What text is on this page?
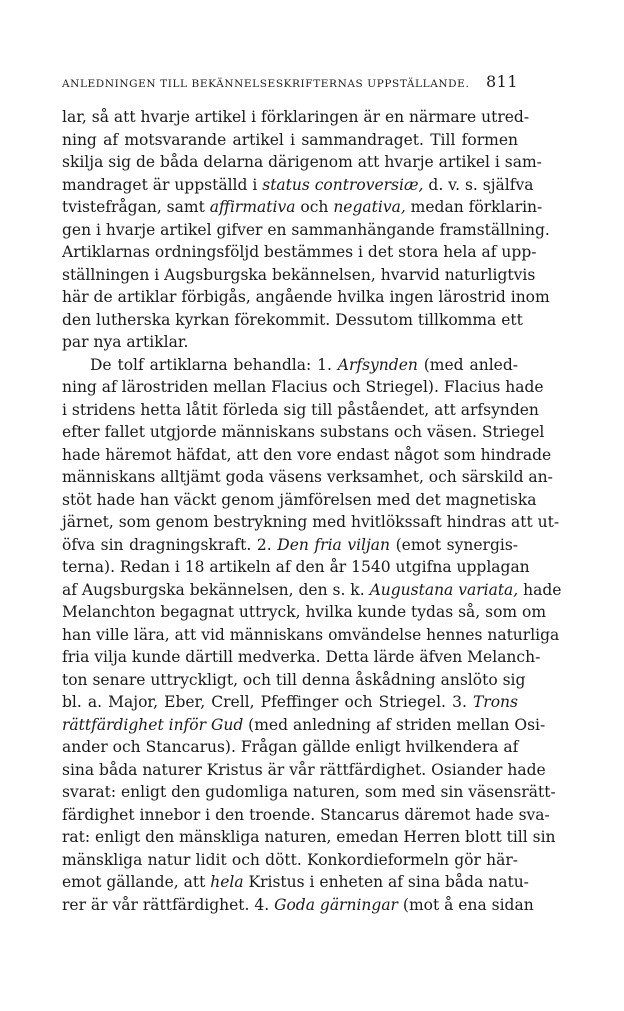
ANLEDNINGEN TILL BEKÄNNELSESKRIFTERNAS UPPSTÄLLANDE. 811
lar, så att hvarje artikel i förklaringen är en närmare utred-
ning af motsvarande artikel i sammandraget. Till formen
skilja sig de båda delarna därigenom att hvarje artikel i sam-
mandraget är uppställd i status controversiæ, d. v. s. själfva
tvistefrågan, samt affirmativa och negativa, medan förklarin-
gen i hvarje artikel gifver en sammanhängande framställning.
Artiklarnas ordningsföljd bestämmes i det stora hela af upp-
ställningen i Augsburgska bekännelsen, hvarvid naturligtvis
här de artiklar förbigås, angående hvilka ingen lärostrid inom
den lutherska kyrkan förekommit. Dessutom tillkomma ett
par nya artiklar.
De tolf artiklarna behandla: 1. Arfsynden (med anled-
ning af lärostriden mellan Flacius och Striegel). Flacius hade
i stridens hetta låtit förleda sig till påståendet, att arfsynden
efter fallet utgjorde människans substans och väsen. Striegel
hade häremot häfdat, att den vore endast något som hindrade
människans alltjämt goda väsens verksamhet, och särskild an-
stöt hade han väckt genom jämförelsen med det magnetiska
järnet, som genom bestrykning med hvitlökssaft hindras att ut-
öfva sin dragningskraft. 2. Den fria viljan (emot synergis-
terna). Redan i 18 artikeln af den år 1540 utgifna upplagan
af Augsburgska bekännelsen, den s. k. Augustana variata, hade
Melanchton begagnat uttryck, hvilka kunde tydas så, som om
han ville lära, att vid människans omvändelse hennes naturliga
fria vilja kunde därtill medverka. Detta lärde äfven Melanch-
ton senare uttryckligt, och till denna åskådning anslöto sig
bl. a. Major, Eber, Crell, Pfeffinger och Striegel. 3. Trons
rättfärdighet inför Gud (med anledning af striden mellan Osi-
ander och Stancarus). Frågan gällde enligt hvilkendera af
sina båda naturer Kristus är vår rättfärdighet. Osiander hade
svarat: enligt den gudomliga naturen, som med sin väsensrätt-
färdighet innebor i den troende. Stancarus däremot hade sva-
rat: enligt den mänskliga naturen, emedan Herren blott till sin
mänskliga natur lidit och dött. Konkordieformeln gör här-
emot gällande, att hela Kristus i enheten af sina båda natu-
rer är vår rättfärdighet. 4. Goda gärningar (mot å ena sidan
